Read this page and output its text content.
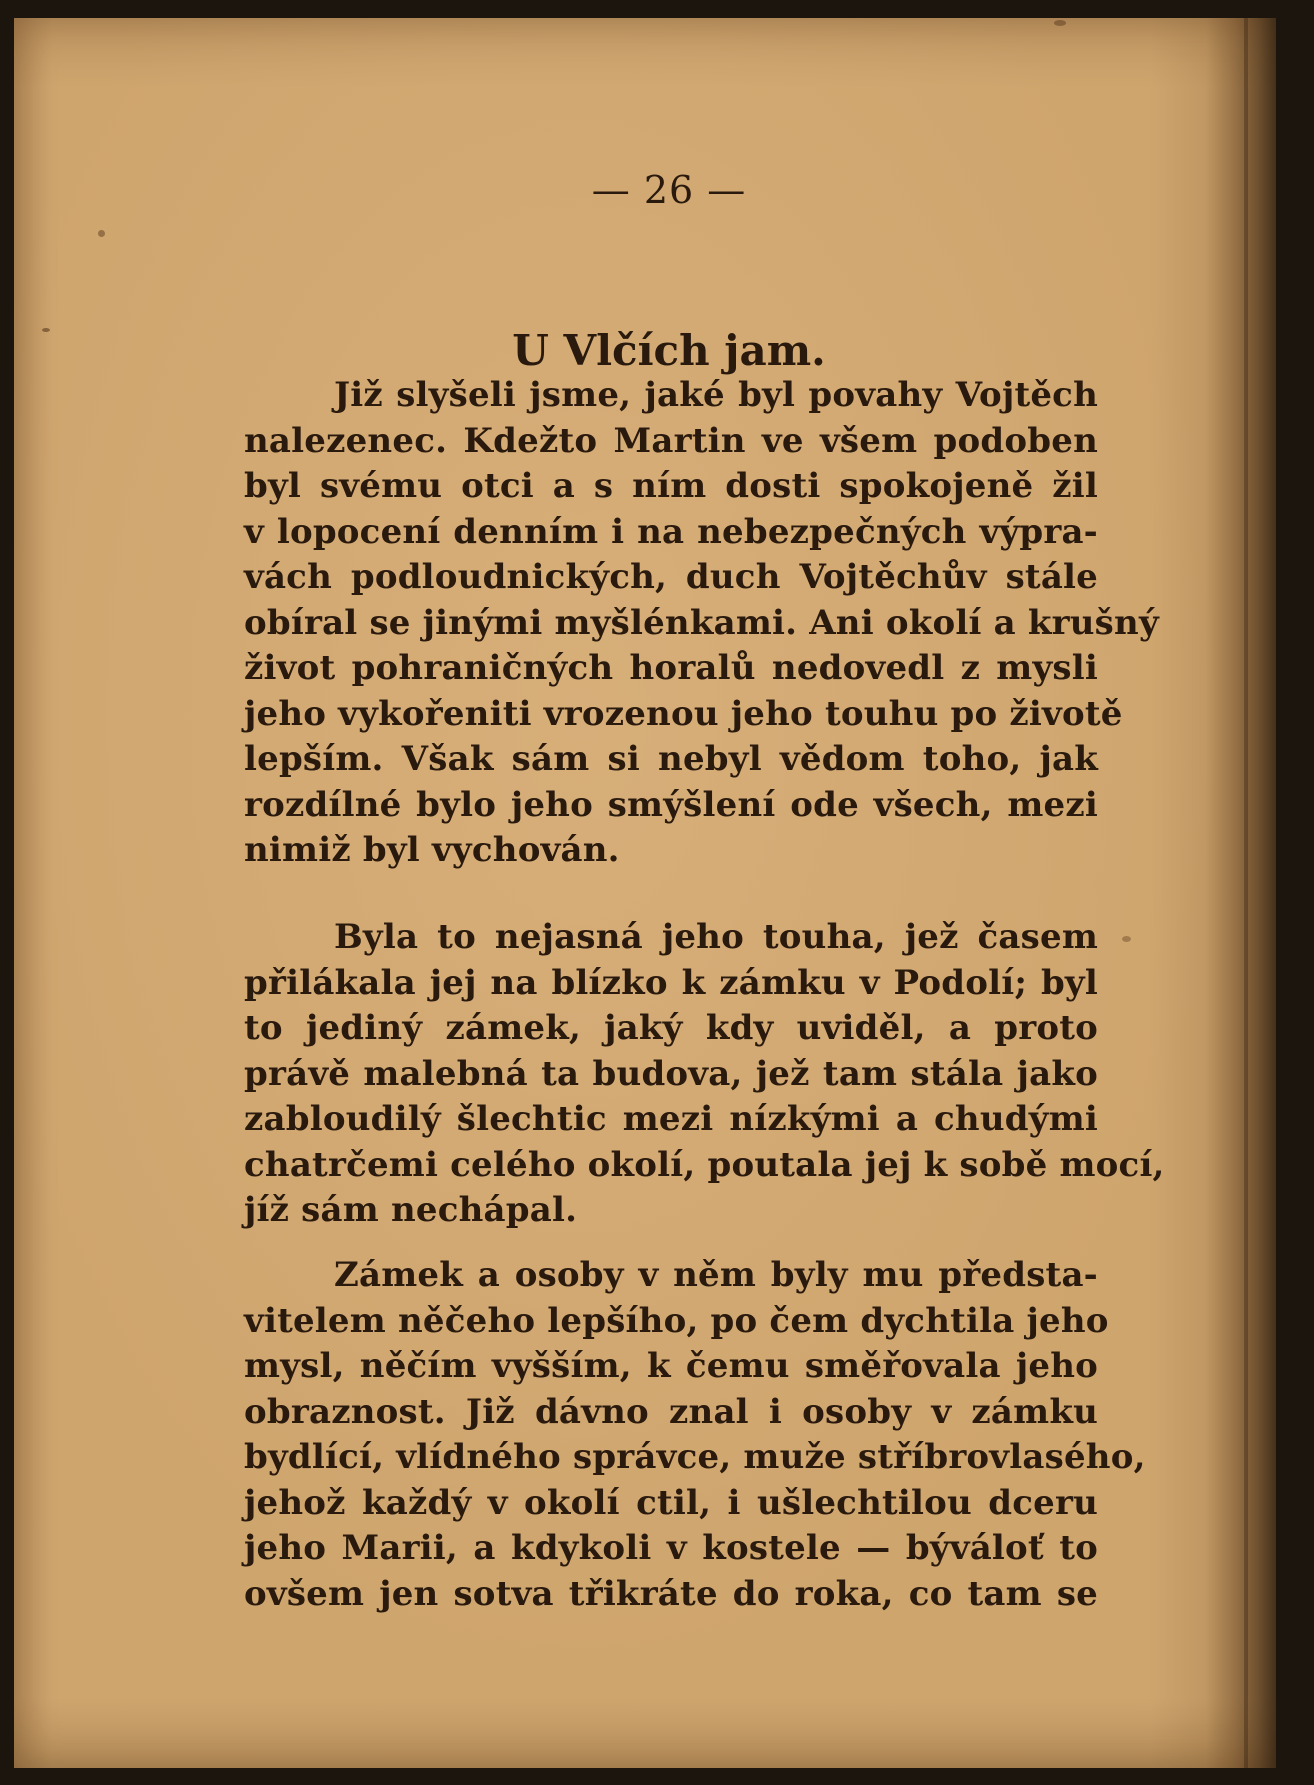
— 26 —
U Vlčích jam.
Již slyšeli jsme, jaké byl povahy Vojtěch
nalezenec. Kdežto Martin ve všem podoben
byl svému otci a s ním dosti spokojeně žil
v lopocení denním i na nebezpečných výpra-
vách podloudnických, duch Vojtěchův stále
obíral se jinými myšlénkami. Ani okolí a krušný
život pohraničných horalů nedovedl z mysli
jeho vykořeniti vrozenou jeho touhu po životě
lepším. Však sám si nebyl vědom toho, jak
rozdílné bylo jeho smýšlení ode všech, mezi
nimiž byl vychován.
Byla to nejasná jeho touha, jež časem
přilákala jej na blízko k zámku v Podolí; byl
to jediný zámek, jaký kdy uviděl, a proto
právě malebná ta budova, jež tam stála jako
zabloudilý šlechtic mezi nízkými a chudými
chatrčemi celého okolí, poutala jej k sobě mocí,
jíž sám nechápal.
Zámek a osoby v něm byly mu předsta-
vitelem něčeho lepšího, po čem dychtila jeho
mysl, něčím vyšším, k čemu směřovala jeho
obraznost. Již dávno znal i osoby v zámku
bydlící, vlídného správce, muže stříbrovlasého,
jehož každý v okolí ctil, i ušlechtilou dceru
jeho Marii, a kdykoli v kostele — býváloť to
ovšem jen sotva třikráte do roka, co tam se
